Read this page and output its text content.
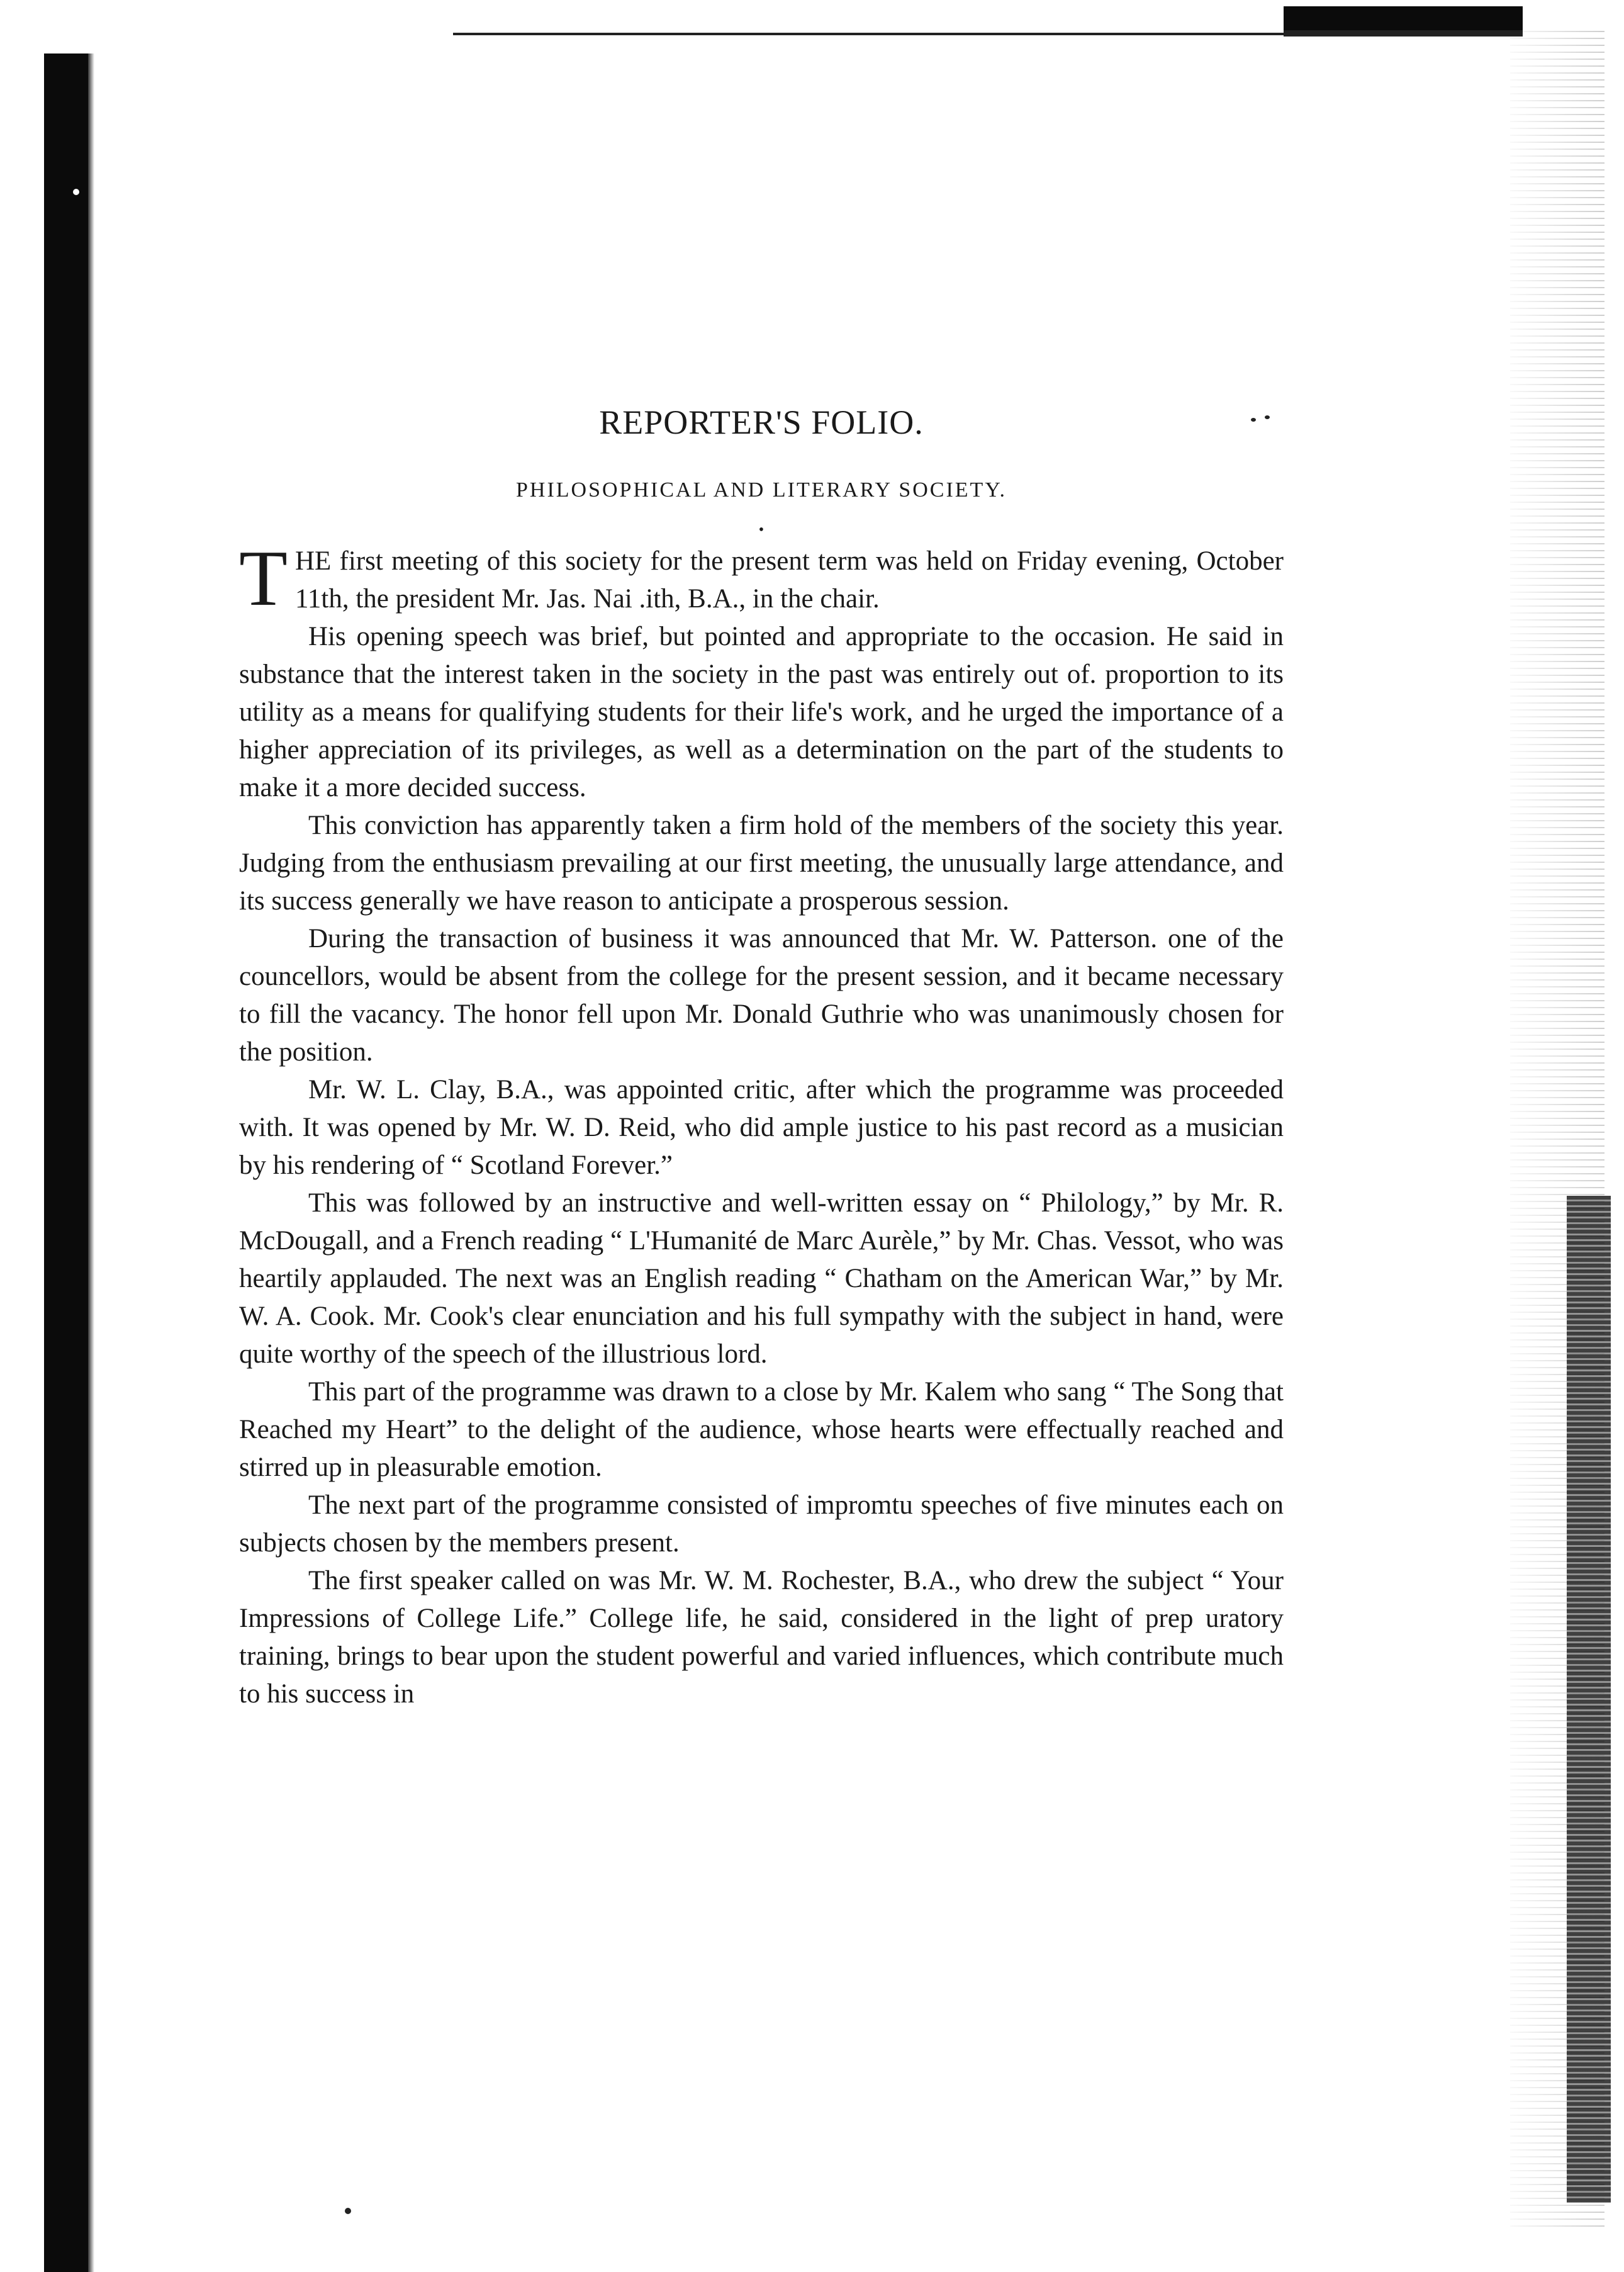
REPORTER'S FOLIO.
PHILOSOPHICAL AND LITERARY SOCIETY.
•

THE first meeting of this society for the present term was held on Friday evening, October 11th, the president Mr. Jas. Nai .ith, B.A., in the chair.

His opening speech was brief, but pointed and appropriate to the occasion. He said in substance that the interest taken in the society in the past was entirely out of. proportion to its utility as a means for qualifying students for their life's work, and he urged the importance of a higher appreciation of its privileges, as well as a determination on the part of the students to make it a more decided success.

This conviction has apparently taken a firm hold of the members of the society this year. Judging from the enthusiasm prevailing at our first meeting, the unusually large attendance, and its success generally we have reason to anticipate a prosperous session.

During the transaction of business it was announced that Mr. W. Patterson. one of the councellors, would be absent from the college for the present session, and it became necessary to fill the vacancy. The honor fell upon Mr. Donald Guthrie who was unanimously chosen for the position.

Mr. W. L. Clay, B.A., was appointed critic, after which the programme was proceeded with. It was opened by Mr. W. D. Reid, who did ample justice to his past record as a musician by his rendering of “ Scotland Forever.”

This was followed by an instructive and well-written essay on “ Philology,” by Mr. R. McDougall, and a French reading “ L'Humanité de Marc Aurèle,” by Mr. Chas. Vessot, who was heartily applauded. The next was an English reading “ Chatham on the American War,” by Mr. W. A. Cook. Mr. Cook's clear enunciation and his full sympathy with the subject in hand, were quite worthy of the speech of the illustrious lord.

This part of the programme was drawn to a close by Mr. Kalem who sang “ The Song that Reached my Heart” to the delight of the audience, whose hearts were effectually reached and stirred up in pleasurable emotion.

The next part of the programme consisted of impromtu speeches of five minutes each on subjects chosen by the members present.

The first speaker called on was Mr. W. M. Rochester, B.A., who drew the subject “ Your Impressions of College Life.” College life, he said, considered in the light of prep uratory training, brings to bear upon the student powerful and varied influences, which contribute much to his success in
